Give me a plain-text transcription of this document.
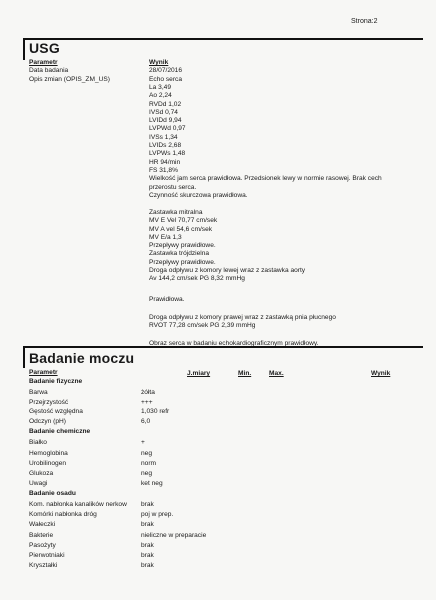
Strona:2
USG
Parametr	Wynik
Data badania	28/07/2016
Opis zmian (OPIS_ZM_US)	Echo serca
La 3,49
Ao 2,24
RVDd 1,02
IVSd 0,74
LVIDd 9,94
LVPWd 0,97
IVSs 1,34
LVIDs 2,68
LVPWs 1,48
HR 94/min
FS 31,8%
Wielkość jam serca prawidłowa. Przedsionek lewy w normie rasowej. Brak cech
przerostu serca.
Czynność skurczowa prawidłowa.
Zastawka mitralna
MV E Vel 70,77 cm/sek
MV A vel 54,6 cm/sek
MV E/a 1,3
Przepływy prawidłowe.
Zastawka trójdzielna
Przepływy prawidłowe.
Droga odpływu z komory lewej wraz z zastawka aorty
Av 144,2 cm/sek PG 8,32 mmHg
Prawidłowa.
Droga odpływu z komory prawej wraz z zastawką pnia płucnego
RVOT 77,28 cm/sek PG 2,39 mmHg
Obraz serca w badaniu echokardiograficznym prawidłowy.
Badanie moczu
Parametr	J.miary	Min.	Max.	Wynik
Badanie fizyczne
Barwa	żółta
Przejrzystość	+++
Gęstość względna	1,030 refr
Odczyn (pH)	6,0
Badanie chemiczne
Białko	+
Hemoglobina	neg
Urobilinogen	norm
Glukoza	neg
Uwagi	ket neg
Badanie osadu
Kom. nabłonka kanalików nerkow brak
Komórki nabłonka dróg	poj w prep.
Wałeczki	brak
Bakterie	nieliczne w preparacie
Pasożyty	brak
Pierwotniaki	brak
Kryształki	brak
